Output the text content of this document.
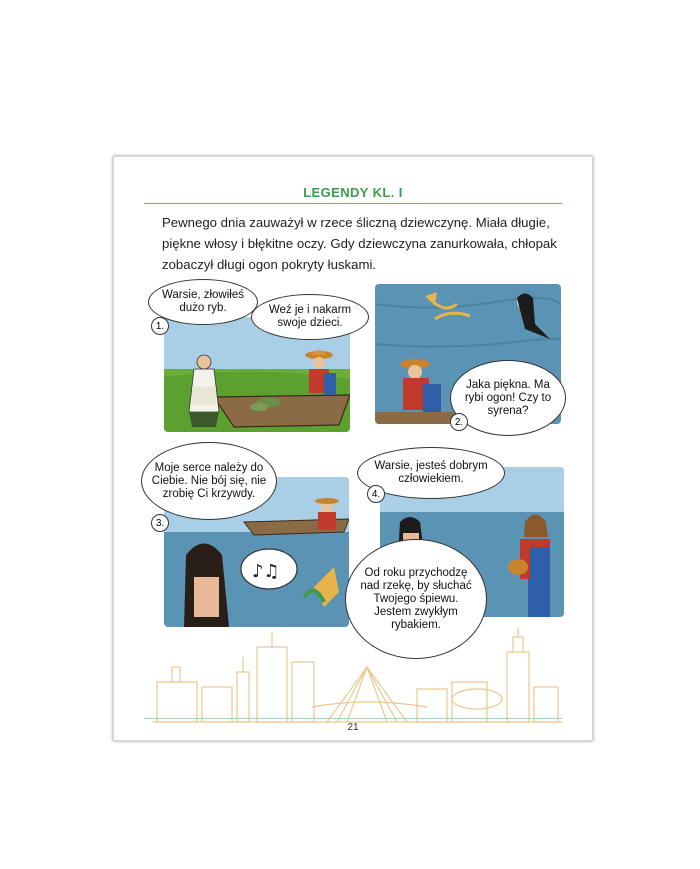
LEGENDY KL. I
Pewnego dnia zauważył w rzece śliczną dziewczynę. Miała długie, piękne włosy i błękitne oczy. Gdy dziewczyna zanurkowała, chłopak zobaczył długi ogon pokryty łuskami.
Warsie, złowiłeś dużo ryb.	Weź je i nakarm swoje dzieci.
1.
Jaka piękna. Ma rybi ogon! Czy to syrena?
2.
♪♫
Moje serce należy do Ciebie. Nie bój się, nie zrobię Ci krzywdy.
3.
Warsie, jesteś dobrym człowiekiem.
4.
Od roku przychodzę nad rzekę, by słuchać Twojego śpiewu. Jestem zwykłym rybakiem.
21
